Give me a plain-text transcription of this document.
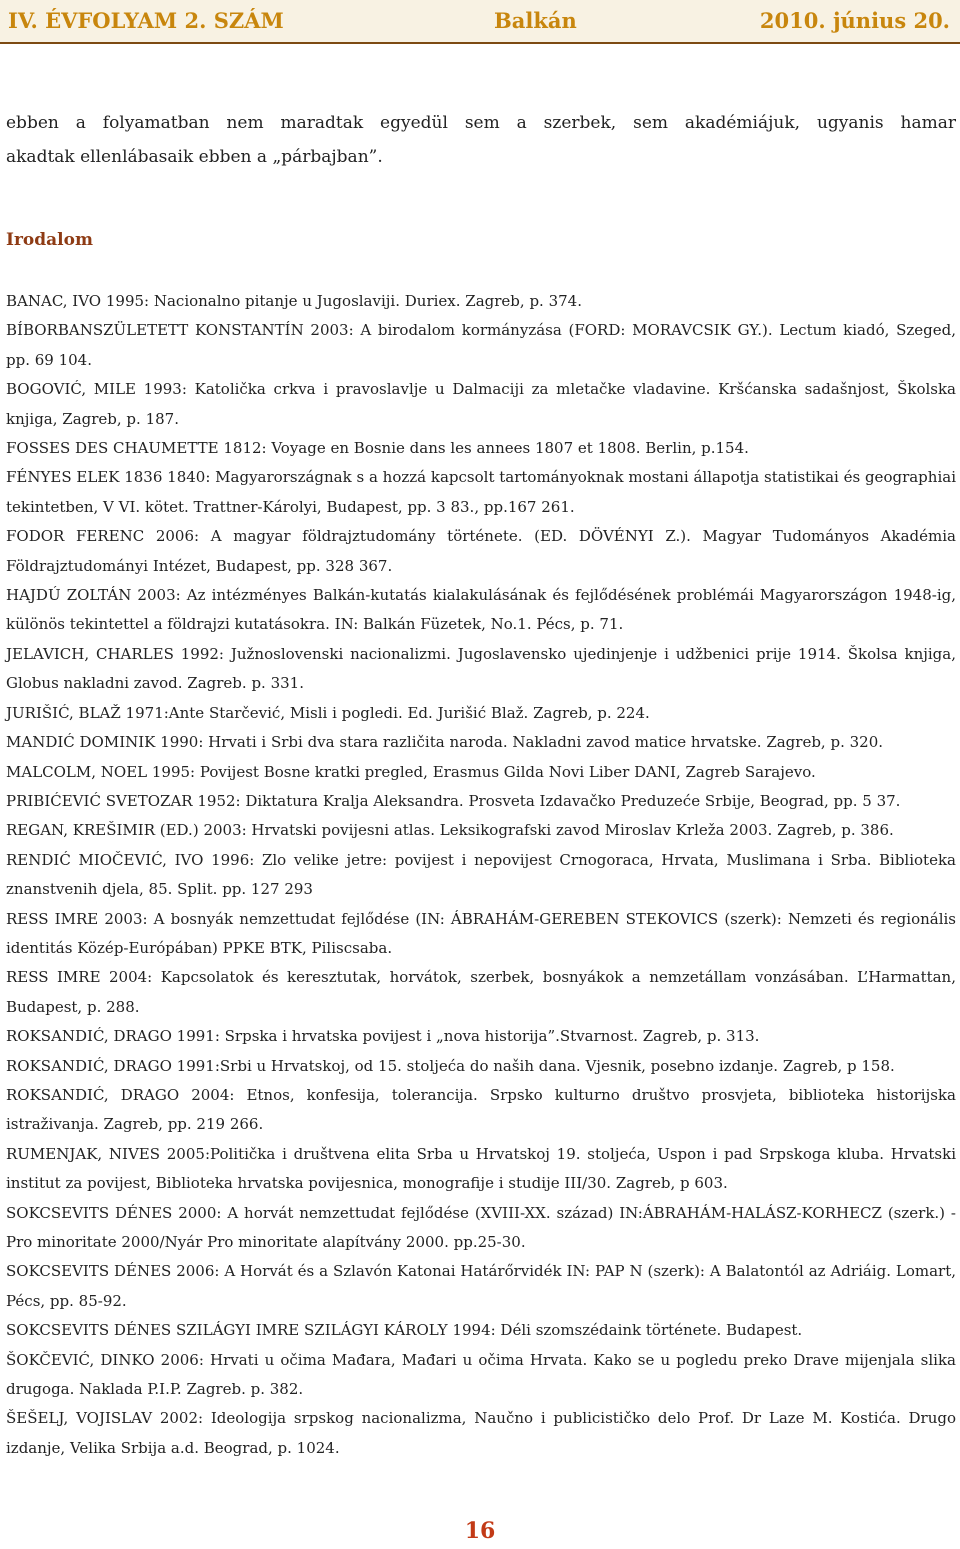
IV. ÉVFOLYAM 2. SZÁM	Balkán	2010. június 20.
ebben a folyamatban nem maradtak egyedül sem a szerbek, sem akadémiájuk, ugyanis hamar
akadtak ellenlábasaik ebben a „párbajban”.
Irodalom

BANAC, IVO 1995: Nacionalno pitanje u Jugoslaviji. Duriex. Zagreb, p. 374.

BÍBORBANSZÜLETETT KONSTANTÍN 2003: A birodalom kormányzása (FORD: MORAVCSIK GY.). Lectum kiadó, Szeged, pp. 69 104.

BOGOVIĆ, MILE 1993: Katolička crkva i pravoslavlje u Dalmaciji za mletačke vladavine. Kršćanska sadašnjost, Školska knjiga, Zagreb, p. 187.

FOSSES DES CHAUMETTE 1812: Voyage en Bosnie dans les annees 1807 et 1808. Berlin, p.154.

FÉNYES ELEK 1836 1840: Magyarországnak s a hozzá kapcsolt tartományoknak mostani állapotja statistikai és geographiai tekintetben, V VI. kötet. Trattner-Károlyi, Budapest, pp. 3 83., pp.167 261.

FODOR FERENC 2006: A magyar földrajztudomány története. (ED. DÖVÉNYI Z.). Magyar Tudományos Akadémia Földrajztudományi Intézet, Budapest, pp. 328 367.

HAJDÚ ZOLTÁN 2003: Az intézményes Balkán-kutatás kialakulásának és fejlődésének problémái Magyarországon 1948-ig, különös tekintettel a földrajzi kutatásokra. IN: Balkán Füzetek, No.1. Pécs, p. 71.

JELAVICH, CHARLES 1992: Južnoslovenski nacionalizmi. Jugoslavensko ujedinjenje i udžbenici prije 1914. Školsa knjiga, Globus nakladni zavod. Zagreb. p. 331.

JURIŠIĆ, BLAŽ 1971:Ante Starčević, Misli i pogledi. Ed. Jurišić Blaž. Zagreb, p. 224.

MANDIĆ DOMINIK 1990: Hrvati i Srbi dva stara različita naroda. Nakladni zavod matice hrvatske. Zagreb, p. 320.

MALCOLM, NOEL 1995: Povijest Bosne kratki pregled, Erasmus Gilda Novi Liber DANI, Zagreb Sarajevo.

PRIBIĆEVIĆ SVETOZAR 1952: Diktatura Kralja Aleksandra. Prosveta Izdavačko Preduzeće Srbije, Beograd, pp. 5 37.

REGAN, KREŠIMIR (ED.) 2003: Hrvatski povijesni atlas. Leksikografski zavod Miroslav Krleža 2003. Zagreb, p. 386.

RENDIĆ MIOČEVIĆ, IVO 1996: Zlo velike jetre: povijest i nepovijest Crnogoraca, Hrvata, Muslimana i Srba. Biblioteka znanstvenih djela, 85. Split. pp. 127 293

RESS IMRE 2003: A bosnyák nemzettudat fejlődése (IN: ÁBRAHÁM-GEREBEN STEKOVICS (szerk): Nemzeti és regionális identitás Közép-Európában) PPKE BTK, Piliscsaba.

RESS IMRE 2004: Kapcsolatok és keresztutak, horvátok, szerbek, bosnyákok a nemzetállam vonzásában. L’Harmattan, Budapest, p. 288.

ROKSANDIĆ, DRAGO 1991: Srpska i hrvatska povijest i „nova historija”.Stvarnost. Zagreb, p. 313.

ROKSANDIĆ, DRAGO 1991:Srbi u Hrvatskoj, od 15. stoljeća do naših dana. Vjesnik, posebno izdanje. Zagreb, p 158.

ROKSANDIĆ, DRAGO 2004: Etnos, konfesija, tolerancija. Srpsko kulturno društvo prosvjeta, biblioteka historijska istraživanja. Zagreb, pp. 219 266.

RUMENJAK, NIVES 2005:Politička i društvena elita Srba u Hrvatskoj 19. stoljeća, Uspon i pad Srpskoga kluba. Hrvatski institut za povijest, Biblioteka hrvatska povijesnica, monografije i studije III/30. Zagreb, p 603.

SOKCSEVITS DÉNES 2000: A horvát nemzettudat fejlődése (XVIII-XX. század) IN:ÁBRAHÁM-HALÁSZ-KORHECZ (szerk.) - Pro minoritate 2000/Nyár Pro minoritate alapítvány 2000. pp.25-30.

SOKCSEVITS DÉNES 2006: A Horvát és a Szlavón Katonai Határőrvidék IN: PAP N (szerk): A Balatontól az Adriáig. Lomart, Pécs, pp. 85-92.

SOKCSEVITS DÉNES SZILÁGYI IMRE SZILÁGYI KÁROLY 1994: Déli szomszédaink története. Budapest.

ŠOKČEVIĆ, DINKO 2006: Hrvati u očima Mađara, Mađari u očima Hrvata. Kako se u pogledu preko Drave mijenjala slika drugoga. Naklada P.I.P. Zagreb. p. 382.

ŠEŠELJ, VOJISLAV 2002: Ideologija srpskog nacionalizma, Naučno i publicističko delo Prof. Dr Laze M. Kostića. Drugo izdanje, Velika Srbija a.d. Beograd, p. 1024.

16
